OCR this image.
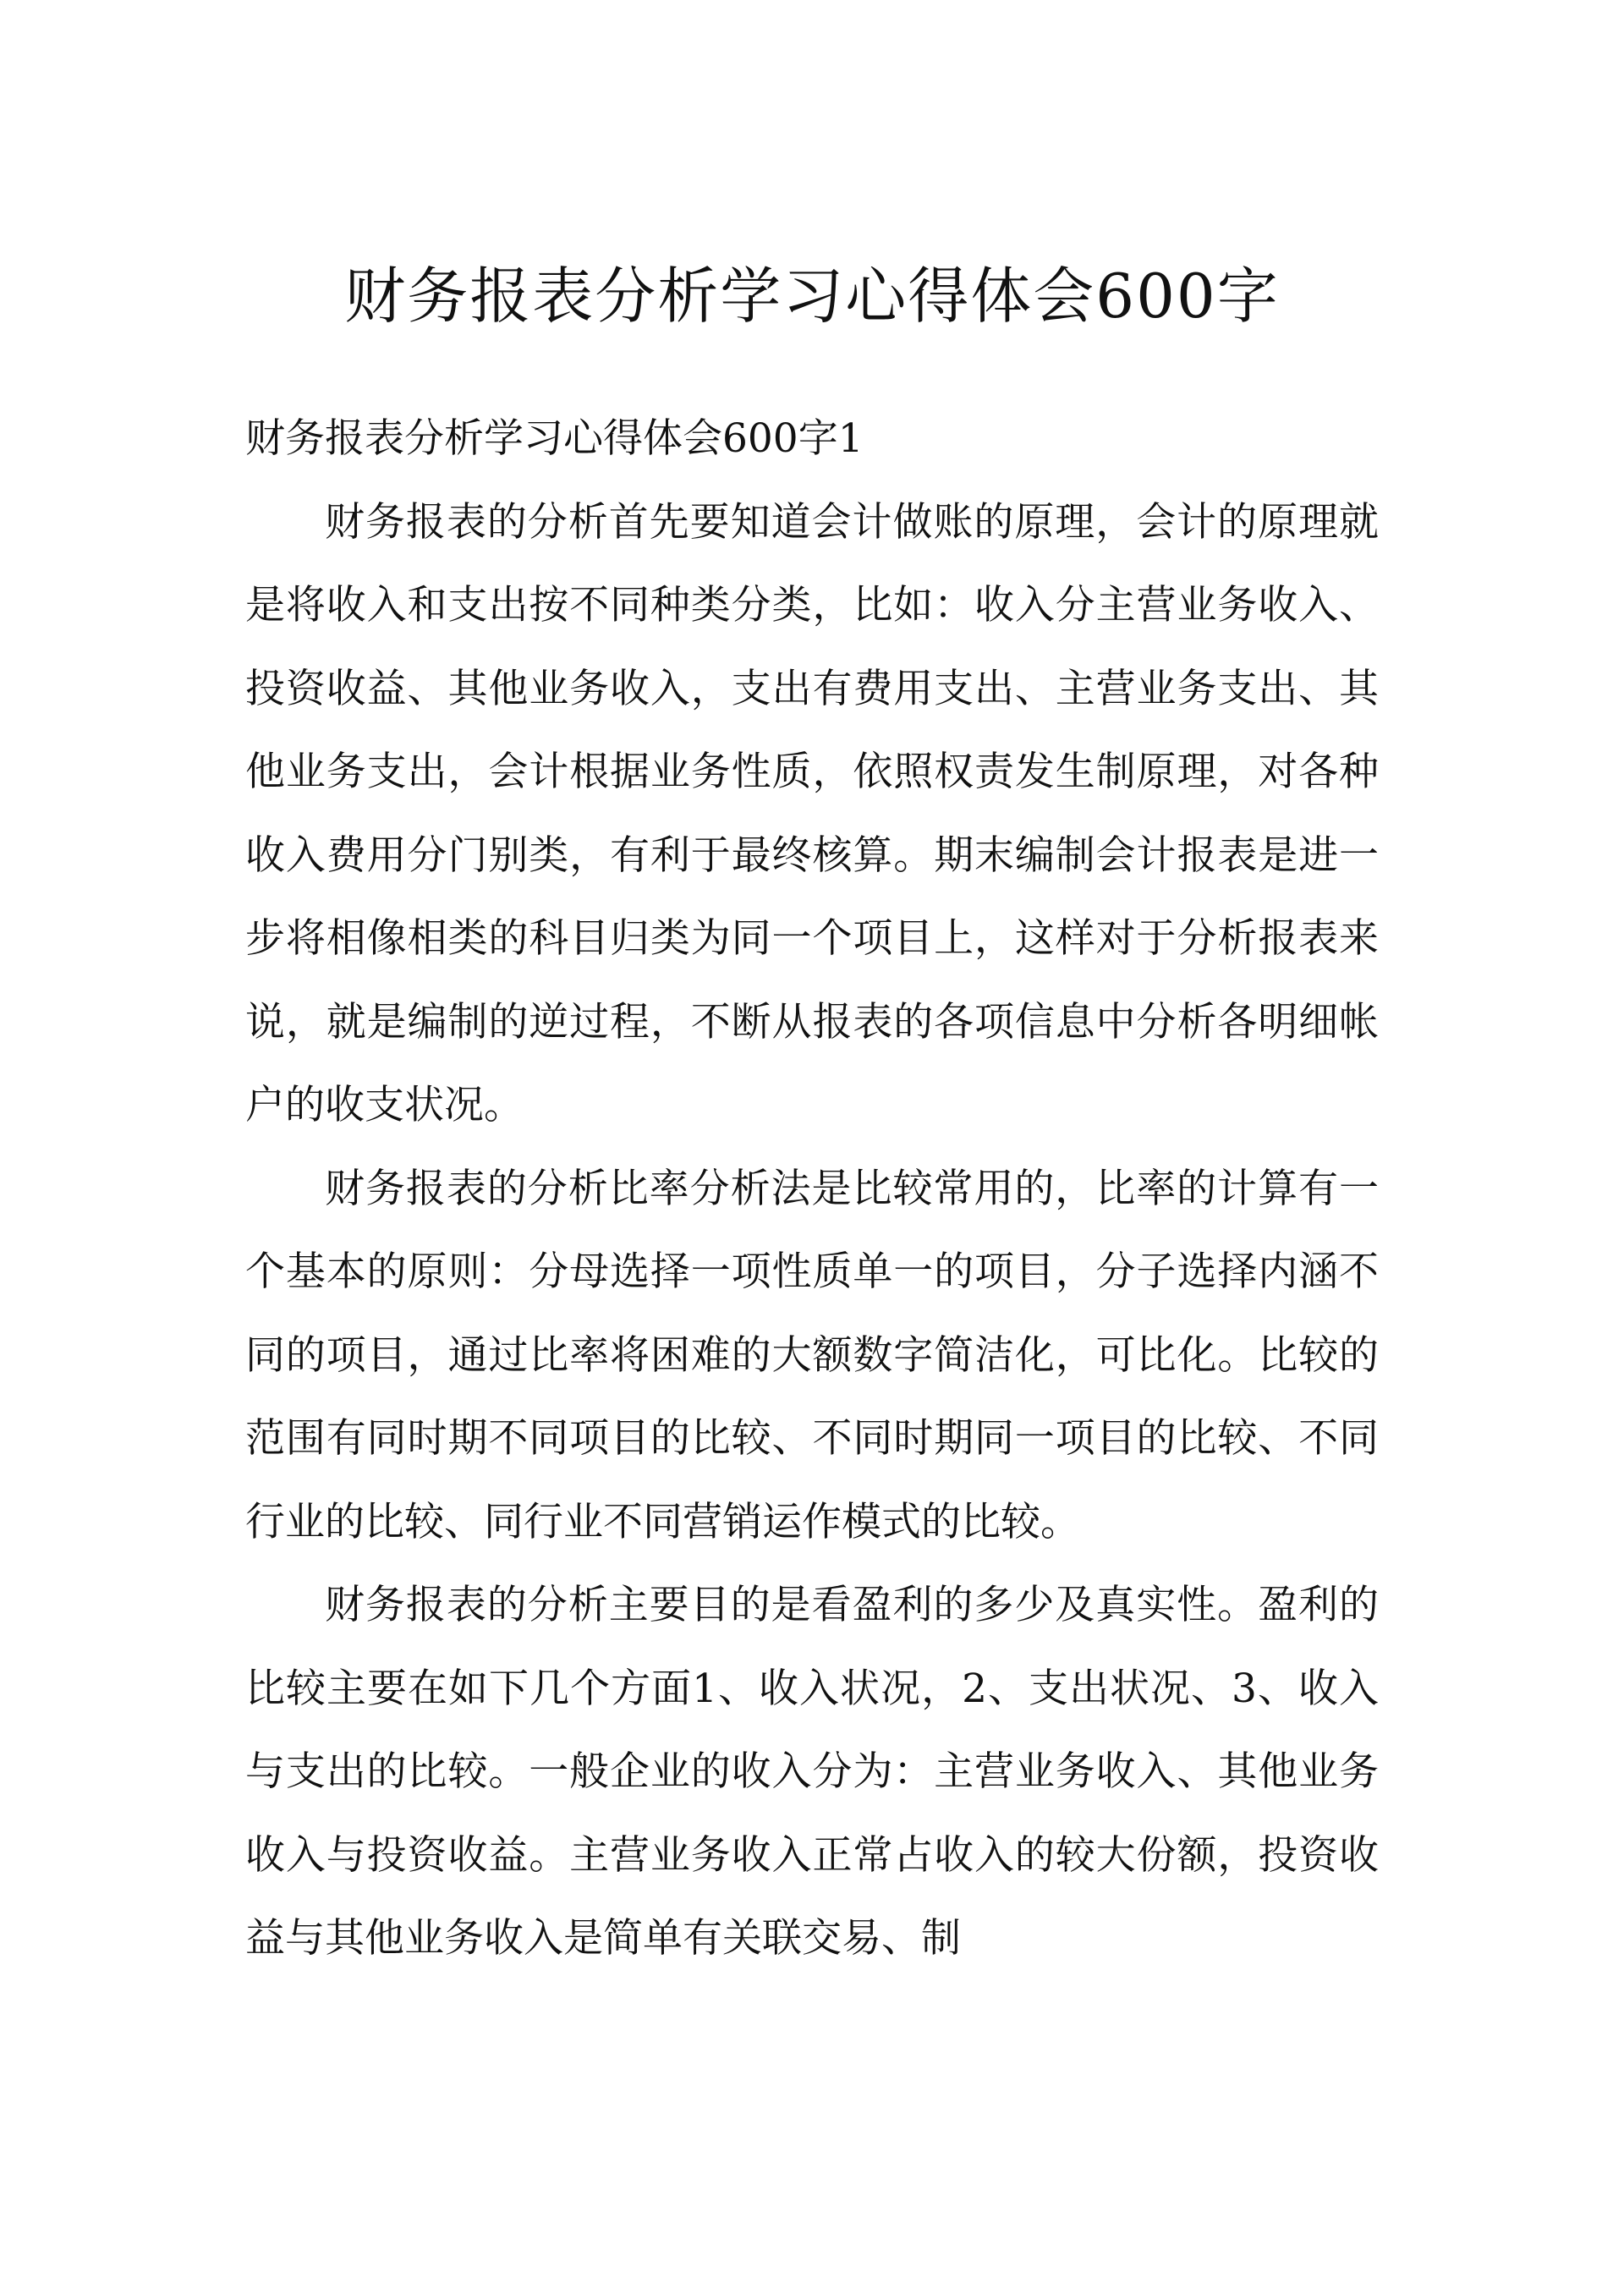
财务报表分析学习心得体会600字

财务报表分析学习心得体会600字1

财务报表的分析首先要知道会计做账的原理，会计的原理就是将收入和支出按不同种类分类，比如：收入分主营业务收入、投资收益、其他业务收入，支出有费用支出、主营业务支出、其他业务支出，会计根据业务性质，依照权责发生制原理，对各种收入费用分门别类，有利于最终核算。期末编制会计报表是进一步将相像相类的科目归类为同一个项目上，这样对于分析报表来说，就是编制的逆过程，不断从报表的各项信息中分析各明细帐户的收支状况。

财务报表的分析比率分析法是比较常用的，比率的计算有一个基本的原则：分母选择一项性质单一的项目，分子选择内涵不同的项目，通过比率将困难的大额数字简洁化，可比化。比较的范围有同时期不同项目的比较、不同时期同一项目的比较、不同行业的比较、同行业不同营销运作模式的比较。

财务报表的分析主要目的是看盈利的多少及真实性。盈利的比较主要在如下几个方面1、收入状况，2、支出状况、3、收入与支出的比较。一般企业的收入分为：主营业务收入、其他业务收入与投资收益。主营业务收入正常占收入的较大份额，投资收益与其他业务收入是简单有关联交易、制
